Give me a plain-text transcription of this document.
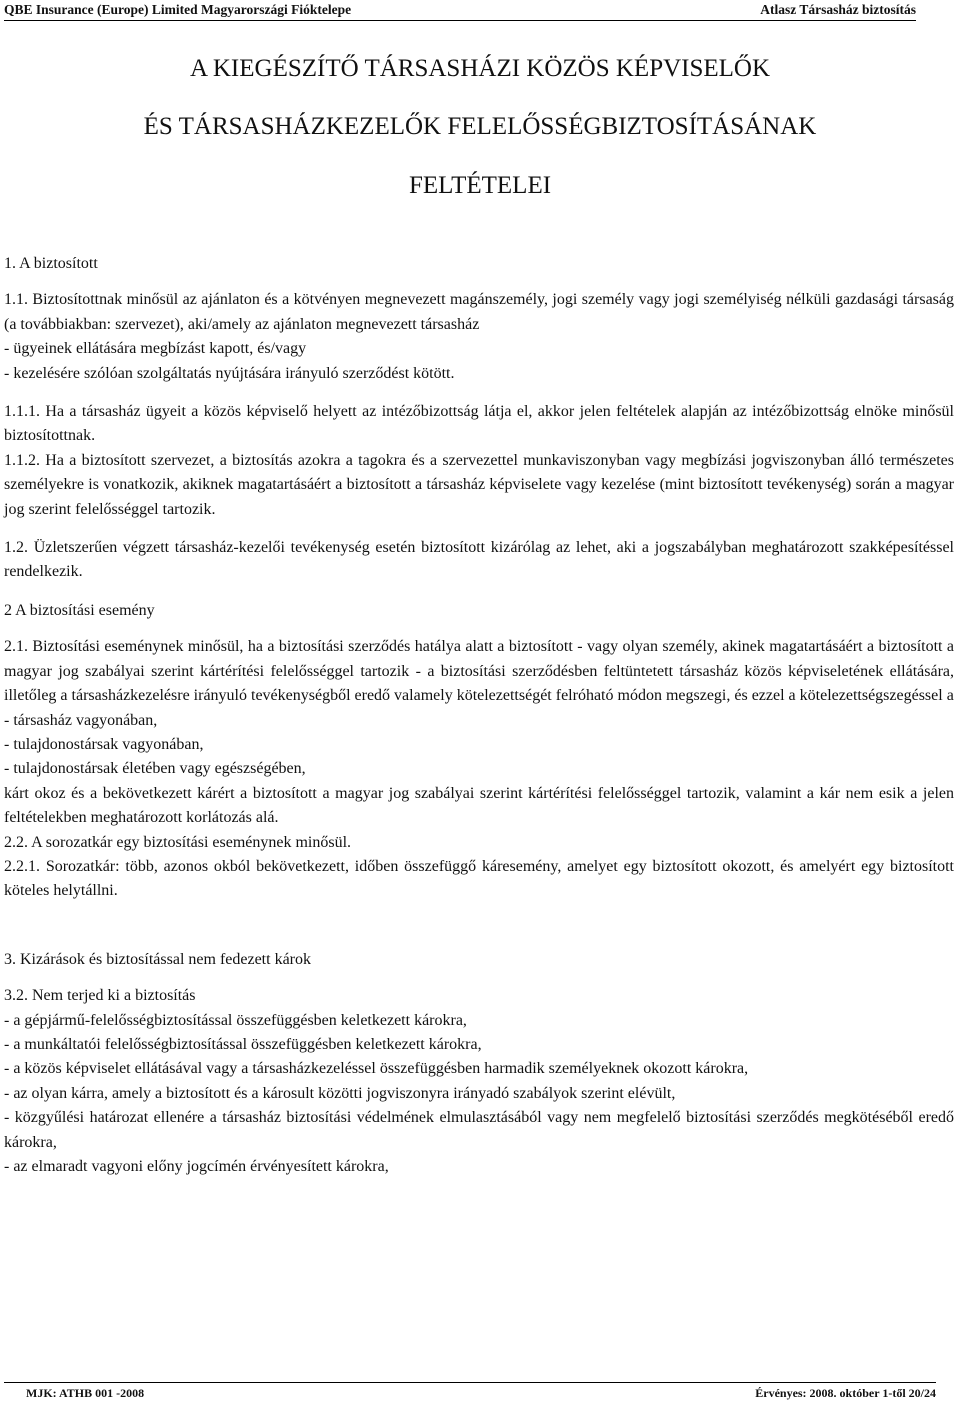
QBE Insurance (Europe) Limited Magyarországi Fióktelepe	Atlasz Társasház biztosítás
A KIEGÉSZÍTŐ TÁRSASHÁZI KÖZÖS KÉPVISELŐK
ÉS TÁRSASHÁZKEZELŐK FELELŐSSÉGBIZTOSÍTÁSÁNAK
FELTÉTELEI

1. A biztosított

1.1. Biztosítottnak minősül az ajánlaton és a kötvényen megnevezett magánszemély, jogi személy vagy jogi személyiség nélküli gazdasági társaság (a továbbiakban: szervezet), aki/amely az ajánlaton megnevezett társasház

- ügyeinek ellátására megbízást kapott, és/vagy

- kezelésére szólóan szolgáltatás nyújtására irányuló szerződést kötött.

1.1.1. Ha a társasház ügyeit a közös képviselő helyett az intézőbizottság látja el, akkor jelen feltételek alapján az intézőbizottság elnöke minősül biztosítottnak.

1.1.2. Ha a biztosított szervezet, a biztosítás azokra a tagokra és a szervezettel munkaviszonyban vagy megbízási jogviszonyban álló természetes személyekre is vonatkozik, akiknek magatartásáért a biztosított a társasház képviselete vagy kezelése (mint biztosított tevékenység) során a magyar jog szerint felelősséggel tartozik.

1.2. Üzletszerűen végzett társasház-kezelői tevékenység esetén biztosított kizárólag az lehet, aki a jogszabályban meghatározott szakképesítéssel rendelkezik.

2 A biztosítási esemény

2.1. Biztosítási eseménynek minősül, ha a biztosítási szerződés hatálya alatt a biztosított - vagy olyan személy, akinek magatartásáért a biztosított a magyar jog szabályai szerint kártérítési felelősséggel tartozik - a biztosítási szerződésben feltüntetett társasház közös képviseletének ellátására, illetőleg a társasházkezelésre irányuló tevékenységből eredő valamely kötelezettségét felróható módon megszegi, és ezzel a kötelezettségszegéssel a

- társasház vagyonában,

- tulajdonostársak vagyonában,

- tulajdonostársak életében vagy egészségében,

kárt okoz és a bekövetkezett kárért a biztosított a magyar jog szabályai szerint kártérítési felelősséggel tartozik, valamint a kár nem esik a jelen feltételekben meghatározott korlátozás alá.

2.2. A sorozatkár egy biztosítási eseménynek minősül.

2.2.1. Sorozatkár: több, azonos okból bekövetkezett, időben összefüggő káresemény, amelyet egy biztosított okozott, és amelyért egy biztosított köteles helytállni.

3. Kizárások és biztosítással nem fedezett károk

3.2. Nem terjed ki a biztosítás

- a gépjármű-felelősségbiztosítással összefüggésben keletkezett károkra,

- a munkáltatói felelősségbiztosítással összefüggésben keletkezett károkra,

- a közös képviselet ellátásával vagy a társasházkezeléssel összefüggésben harmadik személyeknek okozott károkra,

- az olyan kárra, amely a biztosított és a károsult közötti jogviszonyra irányadó szabályok szerint elévült,

- közgyűlési határozat ellenére a társasház biztosítási védelmének elmulasztásából vagy nem megfelelő biztosítási szerződés megkötéséből eredő károkra,

- az elmaradt vagyoni előny jogcímén érvényesített károkra,

MJK: ATHB 001 -2008	Érvényes: 2008. október 1-től 20/24
